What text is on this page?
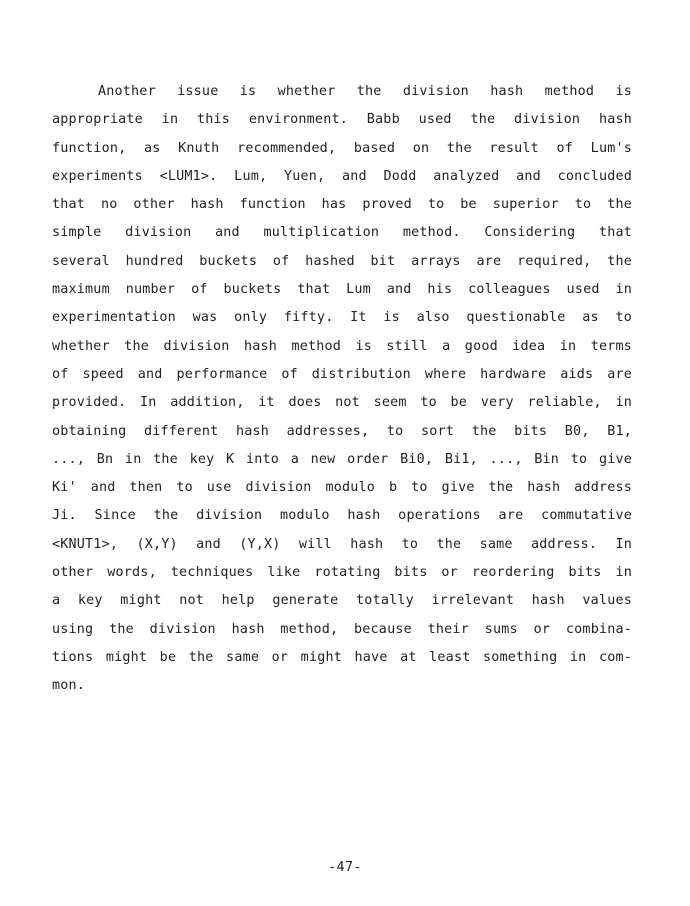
Another issue is whether the division hash method is
appropriate in this environment. Babb used the division hash
function, as Knuth recommended, based on the result of Lum's
experiments <LUM1>. Lum, Yuen, and Dodd analyzed and concluded
that no other hash function has proved to be superior to the
simple division and multiplication method. Considering that
several hundred buckets of hashed bit arrays are required, the
maximum number of buckets that Lum and his colleagues used in
experimentation was only fifty. It is also questionable as to
whether the division hash method is still a good idea in terms
of speed and performance of distribution where hardware aids are
provided. In addition, it does not seem to be very reliable, in
obtaining different hash addresses, to sort the bits B0, B1,
..., Bn in the key K into a new order Bi0, Bi1, ..., Bin to give
Ki' and then to use division modulo b to give the hash address
Ji. Since the division modulo hash operations are commutative
<KNUT1>, (X,Y) and (Y,X) will hash to the same address. In
other words, techniques like rotating bits or reordering bits in
a key might not help generate totally irrelevant hash values
using the division hash method, because their sums or combina-
tions might be the same or might have at least something in com-
mon.
-47-
